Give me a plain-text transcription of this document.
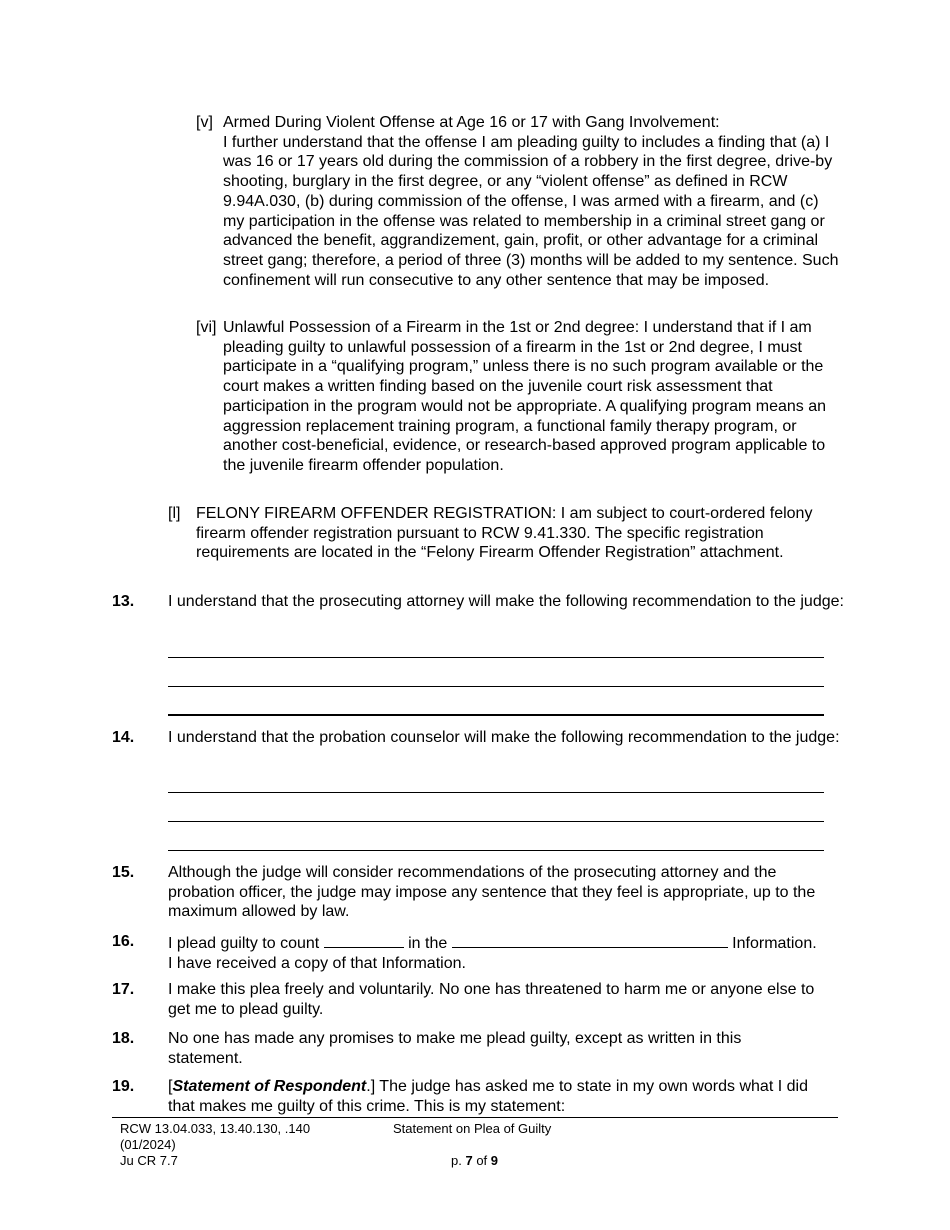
[v] Armed During Violent Offense at Age 16 or 17 with Gang Involvement:

I further understand that the offense I am pleading guilty to includes a finding that (a) I was 16 or 17 years old during the commission of a robbery in the first degree, drive-by shooting, burglary in the first degree, or any “violent offense” as defined in RCW 9.94A.030, (b) during commission of the offense, I was armed with a firearm, and (c) my participation in the offense was related to membership in a criminal street gang or advanced the benefit, aggrandizement, gain, profit, or other advantage for a criminal street gang; therefore, a period of three (3) months will be added to my sentence. Such confinement will run consecutive to any other sentence that may be imposed.

[vi] Unlawful Possession of a Firearm in the 1st or 2nd degree: I understand that if I am pleading guilty to unlawful possession of a firearm in the 1st or 2nd degree, I must participate in a “qualifying program,” unless there is no such program available or the court makes a written finding based on the juvenile court risk assessment that participation in the program would not be appropriate. A qualifying program means an aggression replacement training program, a functional family therapy program, or another cost-beneficial, evidence, or research-based approved program applicable to the juvenile firearm offender population.

[l] FELONY FIREARM OFFENDER REGISTRATION: I am subject to court-ordered felony firearm offender registration pursuant to RCW 9.41.330. The specific registration requirements are located in the “Felony Firearm Offender Registration” attachment.

13. I understand that the prosecuting attorney will make the following recommendation to the judge:
14. I understand that the probation counselor will make the following recommendation to the judge:
15. Although the judge will consider recommendations of the prosecuting attorney and the probation officer, the judge may impose any sentence that they feel is appropriate, up to the maximum allowed by law.
16. I plead guilty to count	in the	Information.

I have received a copy of that Information.

17. I make this plea freely and voluntarily. No one has threatened to harm me or anyone else to get me to plead guilty.
18. No one has made any promises to make me plead guilty, except as written in this statement.
19. [Statement of Respondent.] The judge has asked me to state in my own words what I did that makes me guilty of this crime. This is my statement:

RCW 13.04.033, 13.40.130, .140
(01/2024)
Ju CR 7.7
Statement on Plea of Guilty
p. 7 of 9
